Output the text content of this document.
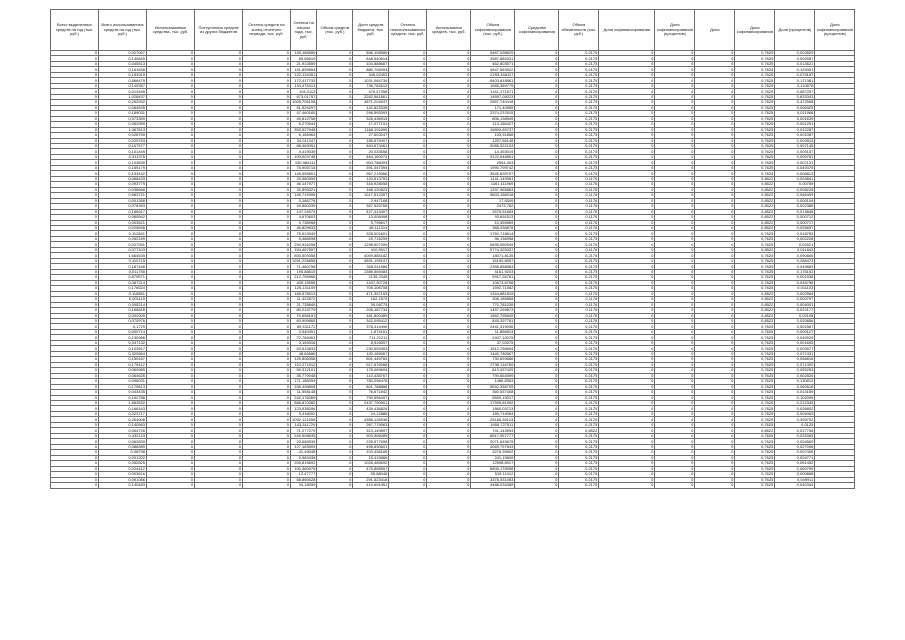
Всего выделенных средств на год (тыс. руб.)	Всего использованных средств на год (тыс. руб.)	Использованные средства, тыс. руб.	Поступления средств из других бюджетов	Остаток средств на конец отчетного периода, тыс. руб.	Остаток на начало года, тыс. руб.	Объем средств (тыс. руб.)	Доля средств бюджета, тыс. руб.	Остаток неиспользованных средств, тыс. руб.	Использовано средств, тыс. руб.	Объем софинансирования (тыс. руб.)	Средства софинансирования	Объем обязательств (тыс. руб.)	Доля софинансирования	Доля софинансирования (процентов)	Доля	Доля софинансирования	Доля (процентов)	Доля софинансирования (процентов)
0	0,027067	0	0	0	145,188589	0	896,108589	0	0	5467,098629	0	0,2175	0	0	0	0,7625	0,002829	
0	0,140849	0	0	0	85,56619	0	848,940614	0	0	2587,884331	0	0,2175	0	0	0	0,7625	0,002587	
0	0,045513	0	0	0	21,913559	0	104,888667	0	0	462,803571	0	0,2175	0	0	0	0,7625	0,013621	
0	0,161638	0	0	0	191,899854	0	880,708493	0	0	4647,563922	0	0,2175	0	0	0	0,7625	0,129351	
0	0,153915	0	0	0	122,134351	0	346,02403	0	0	2293,348117	0	0,2175	0	0	0	0,7625	0,075157	
0	0,566479	0	0	0	172,417733	0	1031,084739	0	0	6403,618861	0	0,2175	0	0	0	0,7625	0,171381	
0	0,149357	0	0	0	134,475413	0	746,782612	0	0	1985,389779	0	0,2175	0	0	0	0,7625	0,110878	
0	0,013495	0	0	0	104,0113	0	479,47358	0	0	1411,171671	0	0,2175	0	0	0	0,7625	0,087257	
0	1,028437	0	0	0	673,01757	0	3282,561861	0	0	14897,09023	0	0,2175	0	0	0	0,7625	0,633343	
0	0,262932	0	0	0	1005,705108	0	4871,204937	0	0	2567,740418	0	0,2175	0	0	0	0,7625	0,472568	
0	0,064535	0	0	0	51,525297	0	142,823335	0	0	171,40585	0	0,2175	0	0	0	0,7625	0,006325	
0	0,189031	0	0	0	47,460165	0	296,593393	0	0	2374,237615	0	0,2175	0	0	0	0,7625	0,011968	
0	0,073359	0	0	0	49,812758	0	326,436915	0	0	806,138549	0	0,2175	0	0	0	0,7625	0,001639	
0	0,062959	0	0	0	6,270544	0	17,077151	0	0	113,156427	0	0,2175	0	0	0	0,7625	0,001251	
0	1,067613	0	0	0	353,527948	0	1168,191899	0	0	16800,65737	0	0,2175	0	0	0	0,7625	0,012287	
0	0,026759	0	0	0	6,166964	0	27,603247	0	0	153,91858	0	0,2175	0	0	0	0,7625	0,001087	
0	0,029753	0	0	0	34,011347	0	185,679407	0	0	1257,56148	0	0,2175	0	0	0	0,7625	0,003913	
0	0,167577	0	0	0	88,463051	0	464,673461	0	0	3085,522193	0	0,2175	0	0	0	0,7625	0,007145	
0	0,101449	0	0	0	4,419039	0	20,033558	0	0	14,453019	0	0,2175	0	0	0	0,7625	0,009157	
0	0,311376	0	0	0	100,003748	0	464,160074	0	0	3122,648861	0	0,2175	0	0	0	0,7625	0,006781	
0	0,103839	0	0	0	130,984111	0	904,788493	0	0	2594,403	0	0,2175	0	0	0	0,7625	0,007131	
0	0,159179	0	0	0	75,905715	0	391,047394	0	0	1990,799742	0	0,2175	0	0	0	0,7625	0,049376	
0	0,133432	0	0	0	145,555801	0	967,219066	0	0	3526,699757	0	0,2175	0	0	0	0,7625	0,006813	
0	0,068433	0	0	0	29,580599	0	120,513753	0	0	1141,149961	0	0,1176	0	0	0	0,8522	0,003841	
0	0,093779	0	0	0	46,147977	0	316,928058	0	0	1161,111969	0	0,1176	0	0	0	0,8522	0,00759	
0	0,036668	0	0	0	32,899321	0	168,120823	0	0	1337,965863	0	0,1176	0	0	0	0,8522	0,008226	
0	0,683721	0	0	0	145,719396	0	1017,512397	0	0	9803,156018	0	0,1176	0	0	0	0,8522	0,066459	
0	0,001358	0	0	0	0,186776	0	2,947168	0	0	17,8349	0	0,1176	0	0	0	0,8522	0,000154	
0	0,078393	0	0	0	49,860339	0	357,525768	0	0	2473,762	0	0,1176	0	0	0	0,8522	0,002386	
0	0,166917	0	0	0	147,24974	0	427,413407	0	0	2675,51683	0	0,1176	0	0	0	0,8522	0,013846	
0	0,060942	0	0	0	4,670603	0	13,008498	0	0	93,691513	0	0,1176	0	0	0	0,8522	0,000712	
0	0,003521	0	0	0	0,736958	0	5,795617	0	0	10,355569	0	0,1176	0	0	0	0,8522	0,000717	
0	0,029646	0	0	0	46,829833	0	48,111314	0	0	368,438878	0	0,1176	0	0	0	0,8522	0,026657	
0	0,112841	0	0	0	75,913349	0	328,001601	0	0	1760,718614	0	0,2175	0	0	0	0,7625	0,018783	
0	0,052159	0	0	0	5,486598	0	15,715299	0	0	96,136958	0	0,2175	0	0	0	0,7625	0,002228	
0	0,027931	0	0	0	294,916298	0	1298,507399	0	0	5695,550949	0	0,2175	0	0	0	0,7625	0,02521	
0	0,077103	0	0	0	154,467557	0	410,5917	0	0	5774,325337	0	0,1176	0	0	0	0,8522	0,011843	
0	1,664535	0	0	0	800,509358	0	4009,885182	0	0	18071,8135	0	0,2175	0	0	0	0,7625	0,090806	
0	0,110715	0	0	0	1291,226858	0	4691,195197	0	0	16190,8557	0	0,2175	0	0	0	0,7625	0,288473	
0	0,187448	0	0	0	71,480798	0	328,511986	0	0	2358,858983	0	0,2175	0	0	0	0,7625	0,049883	
0	0,011756	0	0	0	195,88815	0	1385,569484	0	0	4161,9203	0	0,2175	0	0	0	0,7625	0,176152	
0	0,679571	0	0	0	212,755966	0	1135,2345	0	0	5917,26781	0	0,2175	0	0	0	0,7625	0,001938	
0	0,087214	0	0	0	409,15598	0	1247,30728	0	0	10673,6796	0	0,2175	0	0	0	0,7625	0,045758	
0	0,176524	0	0	0	125,131109	0	705,106708	0	0	1592,71582	0	0,2175	0	0	0	0,7625	0,011103	
0	0,116851	0	0	0	185,578913	0	471,397153	0	0	1344,881815	0	0,1176	0	0	0	0,8522	0,002564	
0	0,001115	0	0	0	11,422872	0	162,1573	0	0	306,189858	0	0,1176	0	0	0	0,8522	0,000797	
0	0,005214	0	0	0	21,735845	0	39,08775	0	0	770,781039	0	0,1176	0	0	0	0,8522	0,004001	
0	0,166818	0	0	0	80,019779	0	206,187734	0	0	1457,269873	0	0,1176	0	0	0	0,8522	0,022177	
0	0,002905	0	0	0	70,658151	0	181,800489	0	0	1562,795845	0	0,1176	0	0	0	0,8522	0,02108	
0	0,070976	0	0	0	60,999865	0	342,095412	0	0	845,297781	0	0,1176	0	0	0	0,8522	0,020856	
0	0,1729	0	0	0	69,331172	0	378,414496	0	0	2441,319036	0	0,2175	0	0	0	0,7625	0,001567	
0	0,000714	0	0	0	0,540451	0	1,874161	0	0	11,866813	0	0,2175	0	0	0	0,7625	0,000127	
0	0,130986	0	0	0	72,784063	0	711,21211	0	0	2407,10075	0	0,2175	0	0	0	0,7625	0,049929	
0	0,037132	0	0	0	3,159316	0	8,916597	0	0	37,03375	0	0,2175	0	0	0	0,7625	0,001605	
0	0,103917	0	0	0	63,513833	0	230,593453	0	0	1512,758654	0	0,2175	0	0	0	0,7625	0,003577	
0	0,320564	0	0	0	48,84586	0	130,189067	0	0	1440,780567	0	0,2175	0	0	0	0,7625	0,071331	
0	0,150187	0	0	0	125,806358	0	801,445784	0	0	730,693686	0	0,2175	0	0	0	0,7625	0,056816	
0	0,179412	0	0	0	110,271512	0	917,676068	0	0	2736,116769	0	0,2175	0	0	0	0,7625	0,071392	
0	0,069985	0	0	0	59,312101	0	178,069694	0	0	813,937425	0	0,2175	0	0	0	0,7625	0,055253	
0	0,064626	0	0	0	35,779048	0	110,438767	0	0	790,664599	0	0,2175	0	0	0	0,7625	0,002826	
0	0,096031	0	0	0	171,186094	0	780,096478	0	0	1486,8363	0	0,2175	0	0	0	0,7625	0,130812	
0	0,179613	0	0	0	155,498808	0	801,788888	0	0	5592,358709	0	0,2175	0	0	0	0,7625	0,060516	
0	0,043435	0	0	0	11,558148	0	76,671842	0	0	360,537408	0	0,2175	0	0	0	0,7625	0,014189	
0	0,152788	0	0	0	242,176069	0	790,556497	0	0	5559,19017	0	0,2175	0	0	0	0,7625	0,102095	
0	1,683532	0	0	0	568,870082	0	2437,790901	0	0	17599,61992	0	0,2175	0	0	0	0,7625	0,212345	
0	0,168163	0	0	0	123,538296	0	439,436826	0	0	1860,03713	0	0,2175	0	0	0	0,7625	0,026802	
0	0,023717	0	0	0	9,418002	0	24,12888	0	0	189,714064	0	0,2175	0	0	0	0,7625	0,004063	
0	0,264906	0	0	0	1092,121098	0	4385,126938	0	0	25166,39123	0	0,2175	0	0	0	0,7625	0,309702	
0	0,140563	0	0	0	143,311729	0	267,779563	0	0	1655,727511	0	0,2175	0	0	0	0,7625	0,0125	
0	0,054726	0	0	0	71,277279	0	313,149897	0	0	741,143993	0	0,8522	0	0	0	0,8522	0,017708	
0	0,432143	0	0	0	249,508635	0	903,566089	0	0	8617,557777	0	0,2175	0	0	0	0,7625	0,033383	
0	0,062839	0	0	0	29,689535	0	225,577598	0	0	2071,649675	0	0,2175	0	0	0	0,7625	0,004569	
0	0,088989	0	0	0	127,183509	0	496,830601	0	0	4069,757843	0	0,2175	0	0	0	0,7625	0,027096	
0	0,08798	0	0	0	-41,49048	0	103,438166	0	0	3276,39602	0	0,2175	0	0	0	0,7625	0,007406	
0	0,001322	0	0	0	5,583438	0	15,415866	0	0	241,19809	0	0,2175	0	0	0	0,7625	0,004771	
0	0,052825	0	0	0	205,815692	0	1028,485692	0	0	12598,8917	0	0,2175	0	0	0	0,7625	0,051452	
0	0,024412	0	0	0	100,360975	0	475,868557	0	0	6805,178958	0	0,2175	0	0	0	0,7625	0,060799	
0	0,003616	0	0	0	12,47777	0	55,88048	0	0	519,11412	0	0,2175	0	0	0	0,7625	0,000868	
0	0,091086	0	0	0	68,860628	0	291,523418	0	0	3378,531083	0	0,2175	0	0	0	0,7625	0,049911	
0	0,140483	0	0	0	34,18099	0	419,691451	0	0	4488,034369	0	0,2175	0	0	0	0,7625	0,040344	
